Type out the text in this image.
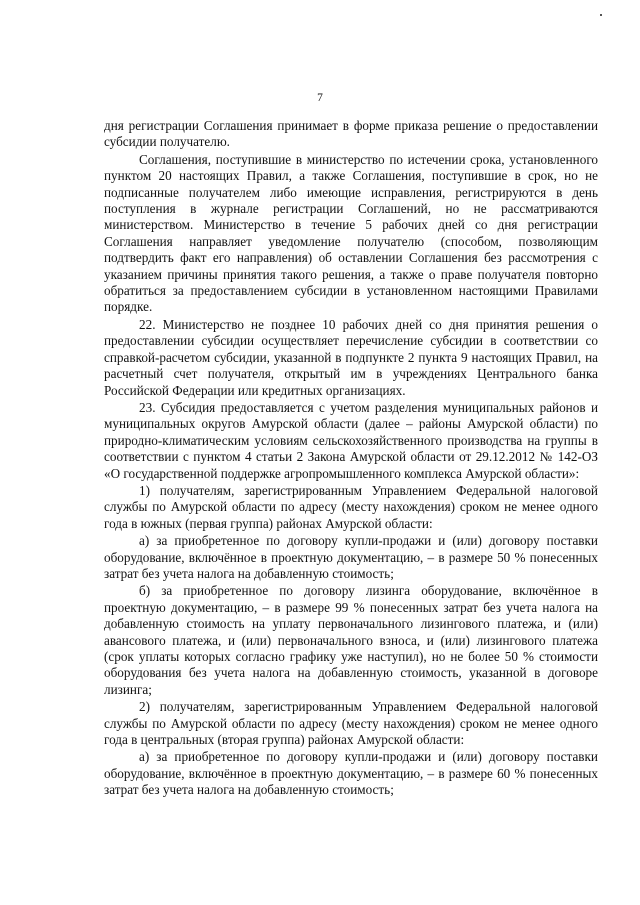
7

дня регистрации Соглашения принимает в форме приказа решение о предоставлении субсидии получателю.

Соглашения, поступившие в министерство по истечении срока, установленного пунктом 20 настоящих Правил, а также Соглашения, поступившие в срок, но не подписанные получателем либо имеющие исправления, регистрируются в день поступления в журнале регистрации Соглашений, но не рассматриваются министерством. Министерство в течение 5 рабочих дней со дня регистрации Соглашения направляет уведомление получателю (способом, позволяющим подтвердить факт его направления) об оставлении Соглашения без рассмотрения с указанием причины принятия такого решения, а также о праве получателя повторно обратиться за предоставлением субсидии в установленном настоящими Правилами порядке.

22. Министерство не позднее 10 рабочих дней со дня принятия решения о предоставлении субсидии осуществляет перечисление субсидии в соответствии со справкой-расчетом субсидии, указанной в подпункте 2 пункта 9 настоящих Правил, на расчетный счет получателя, открытый им в учреждениях Центрального банка Российской Федерации или кредитных организациях.

23. Субсидия предоставляется с учетом разделения муниципальных районов и муниципальных округов Амурской области (далее – районы Амурской области) по природно-климатическим условиям сельскохозяйственного производства на группы в соответствии с пунктом 4 статьи 2 Закона Амурской области от 29.12.2012 № 142-ОЗ «О государственной поддержке агропромышленного комплекса Амурской области»:

1) получателям, зарегистрированным Управлением Федеральной налоговой службы по Амурской области по адресу (месту нахождения) сроком не менее одного года в южных (первая группа) районах Амурской области:

а) за приобретенное по договору купли-продажи и (или) договору поставки оборудование, включённое в проектную документацию, – в размере 50 % понесенных затрат без учета налога на добавленную стоимость;

б) за приобретенное по договору лизинга оборудование, включённое в проектную документацию, – в размере 99 % понесенных затрат без учета налога на добавленную стоимость на уплату первоначального лизингового платежа, и (или) авансового платежа, и (или) первоначального взноса, и (или) лизингового платежа (срок уплаты которых согласно графику уже наступил), но не более 50 % стоимости оборудования без учета налога на добавленную стоимость, указанной в договоре лизинга;

2) получателям, зарегистрированным Управлением Федеральной налоговой службы по Амурской области по адресу (месту нахождения) сроком не менее одного года в центральных (вторая группа) районах Амурской области:

а) за приобретенное по договору купли-продажи и (или) договору поставки оборудование, включённое в проектную документацию, – в размере 60 % понесенных затрат без учета налога на добавленную стоимость;
